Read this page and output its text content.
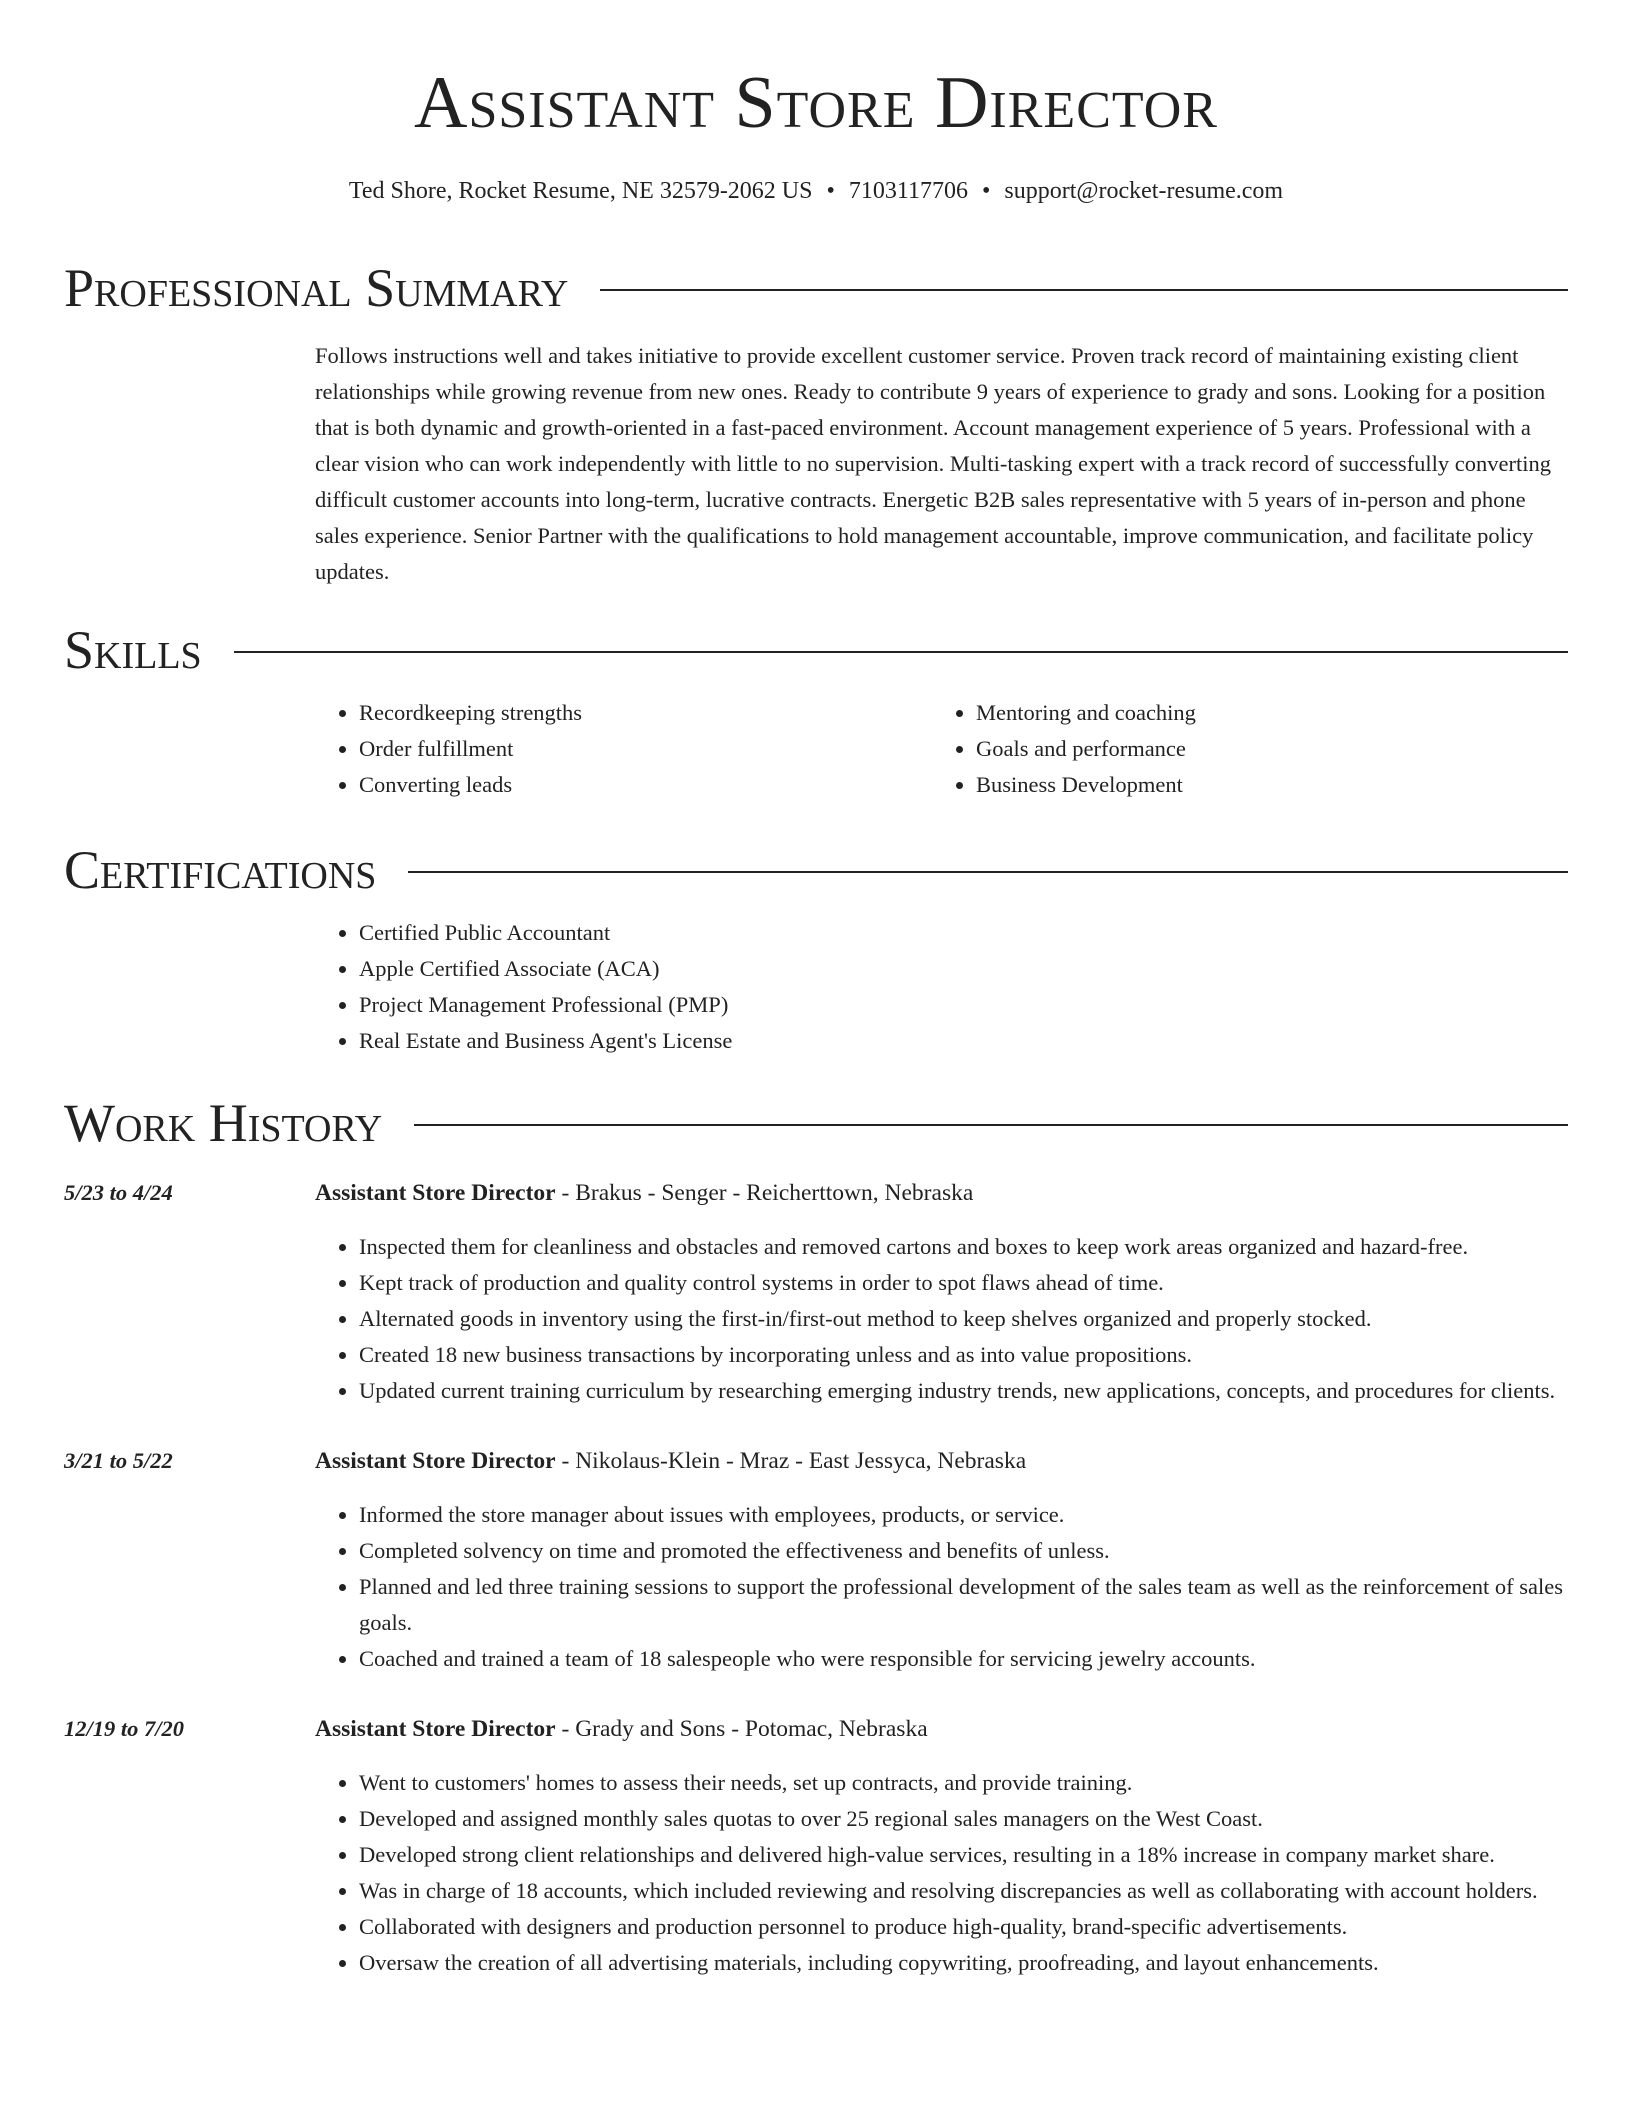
Assistant Store Director
Ted Shore, Rocket Resume, NE 32579-2062 US • 7103117706 • support@rocket-resume.com
Professional Summary

Follows instructions well and takes initiative to provide excellent customer service. Proven track record of maintaining existing client relationships while growing revenue from new ones. Ready to contribute 9 years of experience to grady and sons. Looking for a position that is both dynamic and growth-oriented in a fast-paced environment. Account management experience of 5 years. Professional with a clear vision who can work independently with little to no supervision. Multi-tasking expert with a track record of successfully converting difficult customer accounts into long-term, lucrative contracts. Energetic B2B sales representative with 5 years of in-person and phone sales experience. Senior Partner with the qualifications to hold management accountable, improve communication, and facilitate policy updates.

Skills
• Recordkeeping strengths
• Order fulfillment
• Converting leads
• Mentoring and coaching
• Goals and performance
• Business Development
Certifications
• Certified Public Accountant
• Apple Certified Associate (ACA)
• Project Management Professional (PMP)
• Real Estate and Business Agent's License
Work History
5/23 to 4/24	Assistant Store Director - Brakus - Senger - Reicherttown, Nebraska
• Inspected them for cleanliness and obstacles and removed cartons and boxes to keep work areas organized and hazard-free.
• Kept track of production and quality control systems in order to spot flaws ahead of time.
• Alternated goods in inventory using the first-in/first-out method to keep shelves organized and properly stocked.
• Created 18 new business transactions by incorporating unless and as into value propositions.
• Updated current training curriculum by researching emerging industry trends, new applications, concepts, and procedures for clients.
3/21 to 5/22	Assistant Store Director - Nikolaus-Klein - Mraz - East Jessyca, Nebraska
• Informed the store manager about issues with employees, products, or service.
• Completed solvency on time and promoted the effectiveness and benefits of unless.
• Planned and led three training sessions to support the professional development of the sales team as well as the reinforcement of sales goals.
• Coached and trained a team of 18 salespeople who were responsible for servicing jewelry accounts.
12/19 to 7/20	Assistant Store Director - Grady and Sons - Potomac, Nebraska
• Went to customers' homes to assess their needs, set up contracts, and provide training.
• Developed and assigned monthly sales quotas to over 25 regional sales managers on the West Coast.
• Developed strong client relationships and delivered high-value services, resulting in a 18% increase in company market share.
• Was in charge of 18 accounts, which included reviewing and resolving discrepancies as well as collaborating with account holders.
• Collaborated with designers and production personnel to produce high-quality, brand-specific advertisements.
• Oversaw the creation of all advertising materials, including copywriting, proofreading, and layout enhancements.
